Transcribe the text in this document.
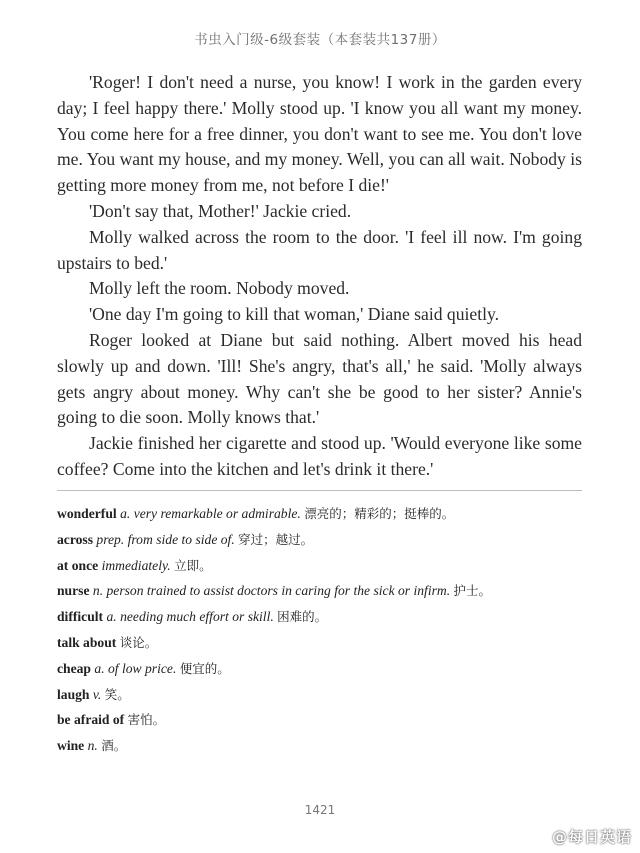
书虫入门级-6级套装（本套装共137册）

'Roger! I don't need a nurse, you know! I work in the garden every day; I feel happy there.' Molly stood up. 'I know you all want my money. You come here for a free dinner, you don't want to see me. You don't love me. You want my house, and my money. Well, you can all wait. Nobody is getting more money from me, not before I die!'

'Don't say that, Mother!' Jackie cried.

Molly walked across the room to the door. 'I feel ill now. I'm going upstairs to bed.'

Molly left the room. Nobody moved.

'One day I'm going to kill that woman,' Diane said quietly.

Roger looked at Diane but said nothing. Albert moved his head slowly up and down. 'Ill! She's angry, that's all,' he said. 'Molly always gets angry about money. Why can't she be good to her sister? Annie's going to die soon. Molly knows that.'

Jackie finished her cigarette and stood up. 'Would everyone like some coffee? Come into the kitchen and let's drink it there.'

wonderful a. very remarkable or admirable. 漂亮的；精彩的；挺棒的。
across prep. from side to side of. 穿过；越过。
at once immediately. 立即。
nurse n. person trained to assist doctors in caring for the sick or infirm. 护士。
difficult a. needing much effort or skill. 困难的。
talk about 谈论。
cheap a. of low price. 便宜的。
laugh v. 笑。
be afraid of 害怕。
wine n. 酒。
1421
@每日英语
